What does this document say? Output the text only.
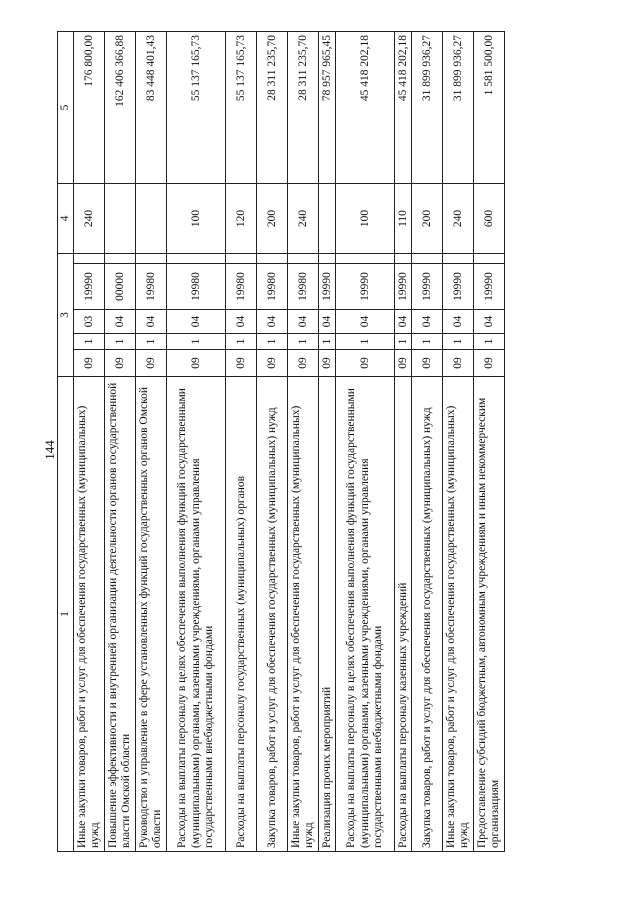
144
1	3					4	5
Иные закупки товаров, работ и услуг для обеспечения государственных (муниципальных) нужд	09	1	03	19990		240	176 800,00
Повышение эффективности и внутренней организации деятельности органов государственной власти Омской области	09	1	04	00000			162 406 366,88
Руководство и управление в сфере установленных функций государственных органов Омской области	09	1	04	19980			83 448 401,43
Расходы на выплаты персоналу в целях обеспечения выполнения функций государственными (муниципальными) органами, казенными учреждениями, органами управления государственными внебюджетными фондами	09	1	04	19980		100	55 137 165,73
Расходы на выплаты персоналу государственных (муниципальных) органов	09	1	04	19980		120	55 137 165,73
Закупка товаров, работ и услуг для обеспечения государственных (муниципальных) нужд	09	1	04	19980		200	28 311 235,70
Иные закупки товаров, работ и услуг для обеспечения государственных (муниципальных) нужд	09	1	04	19980		240	28 311 235,70
Реализация прочих мероприятий	09	1	04	19990			78 957 965,45
Расходы на выплаты персоналу в целях обеспечения выполнения функций государственными (муниципальными) органами, казенными учреждениями, органами управления государственными внебюджетными фондами	09	1	04	19990		100	45 418 202,18
Расходы на выплаты персоналу казенных учреждений	09	1	04	19990		110	45 418 202,18
Закупка товаров, работ и услуг для обеспечения государственных (муниципальных) нужд	09	1	04	19990		200	31 899 936,27
Иные закупки товаров, работ и услуг для обеспечения государственных (муниципальных) нужд	09	1	04	19990		240	31 899 936,27
Предоставление субсидий бюджетным, автономным учреждениям и иным некоммерческим организациям	09	1	04	19990		600	1 581 500,00
